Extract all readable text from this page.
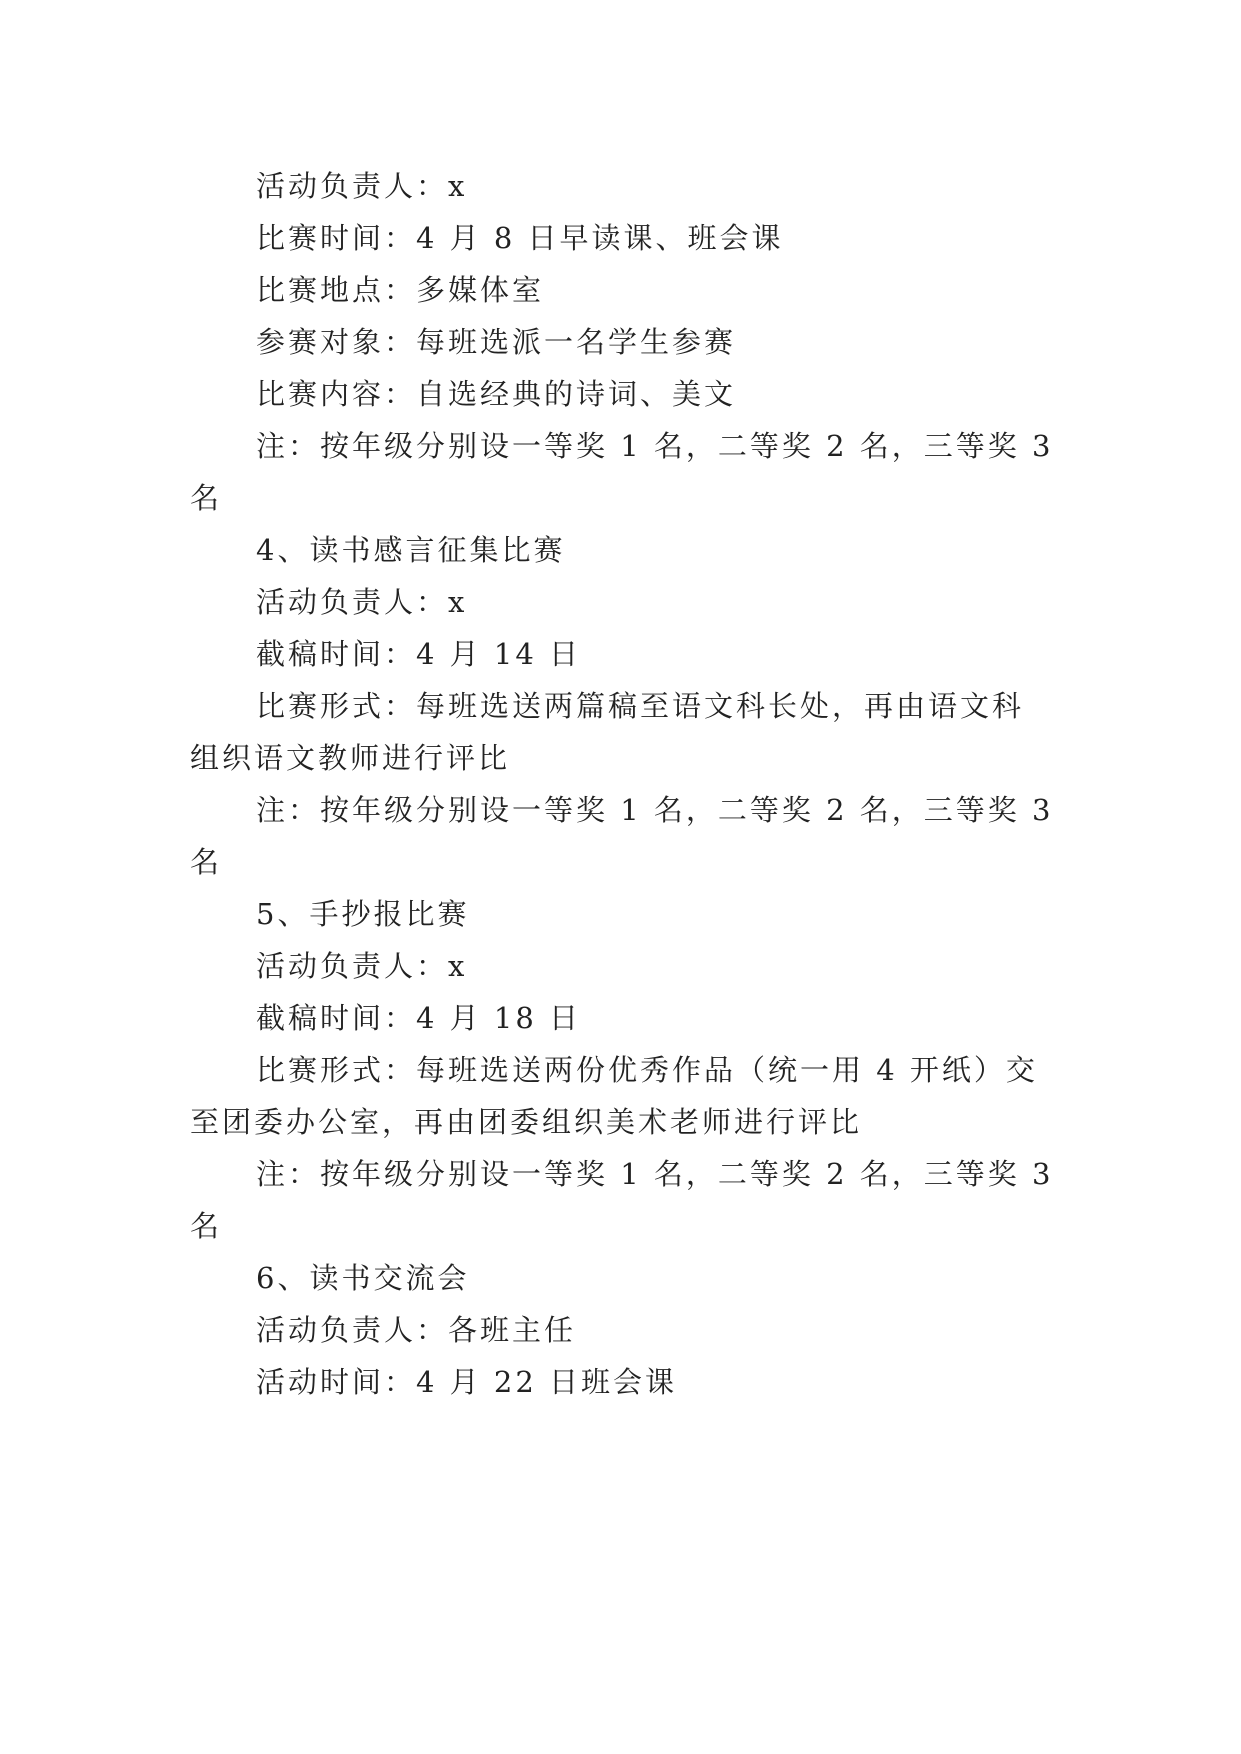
活动负责人：x
比赛时间：4 月 8 日早读课、班会课
比赛地点：多媒体室
参赛对象：每班选派一名学生参赛
比赛内容：自选经典的诗词、美文
注：按年级分别设一等奖 1 名，二等奖 2 名，三等奖 3
名
4、读书感言征集比赛
活动负责人：x
截稿时间：4 月 14 日
比赛形式：每班选送两篇稿至语文科长处，再由语文科
组织语文教师进行评比
注：按年级分别设一等奖 1 名，二等奖 2 名，三等奖 3
名
5、手抄报比赛
活动负责人：x
截稿时间：4 月 18 日
比赛形式：每班选送两份优秀作品（统一用 4 开纸）交
至团委办公室，再由团委组织美术老师进行评比
注：按年级分别设一等奖 1 名，二等奖 2 名，三等奖 3
名
6、读书交流会
活动负责人：各班主任
活动时间：4 月 22 日班会课
